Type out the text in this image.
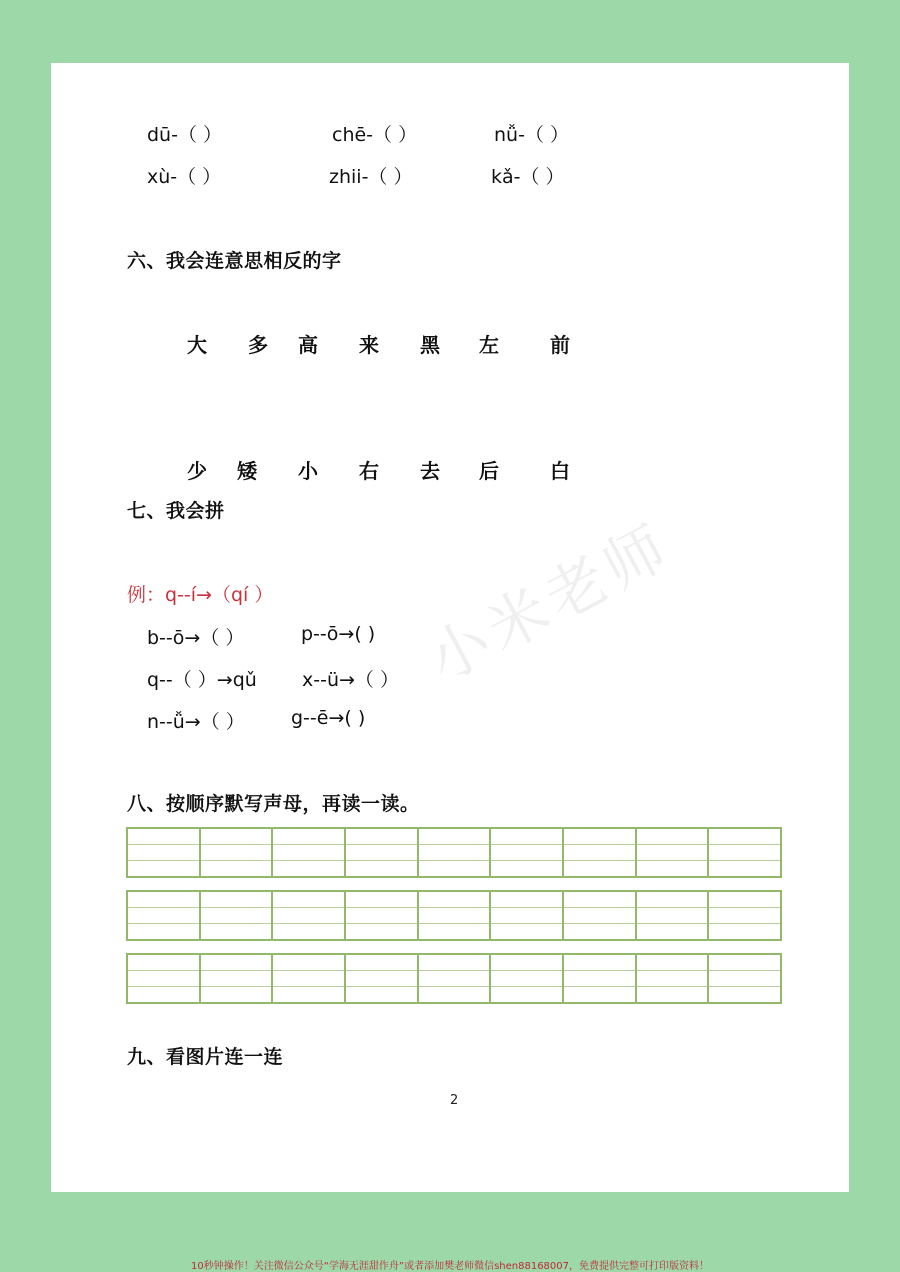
dū-（ ）	chē-（ ）	nǚ-（ ）
xù-（ ）	zhii-（ ）	kǎ-（ ）
六、我会连意思相反的字
大 多 高 来 黑 左	前
少 矮 小 右 去 后	白
七、我会拼
例：q--í→（qí ）
b--ō→（ ）	p--ō→( )
q--（ ）→qǔ x--ü→（ ）
n--ǚ→（ ） g--ē→( )
小米老师
八、按顺序默写声母，再读一读。
九、看图片连一连
2
10秒钟操作！关注微信公众号“学海无涯甜作舟”或者添加樊老师微信shen88168007，免费提供完整可打印版资料！
